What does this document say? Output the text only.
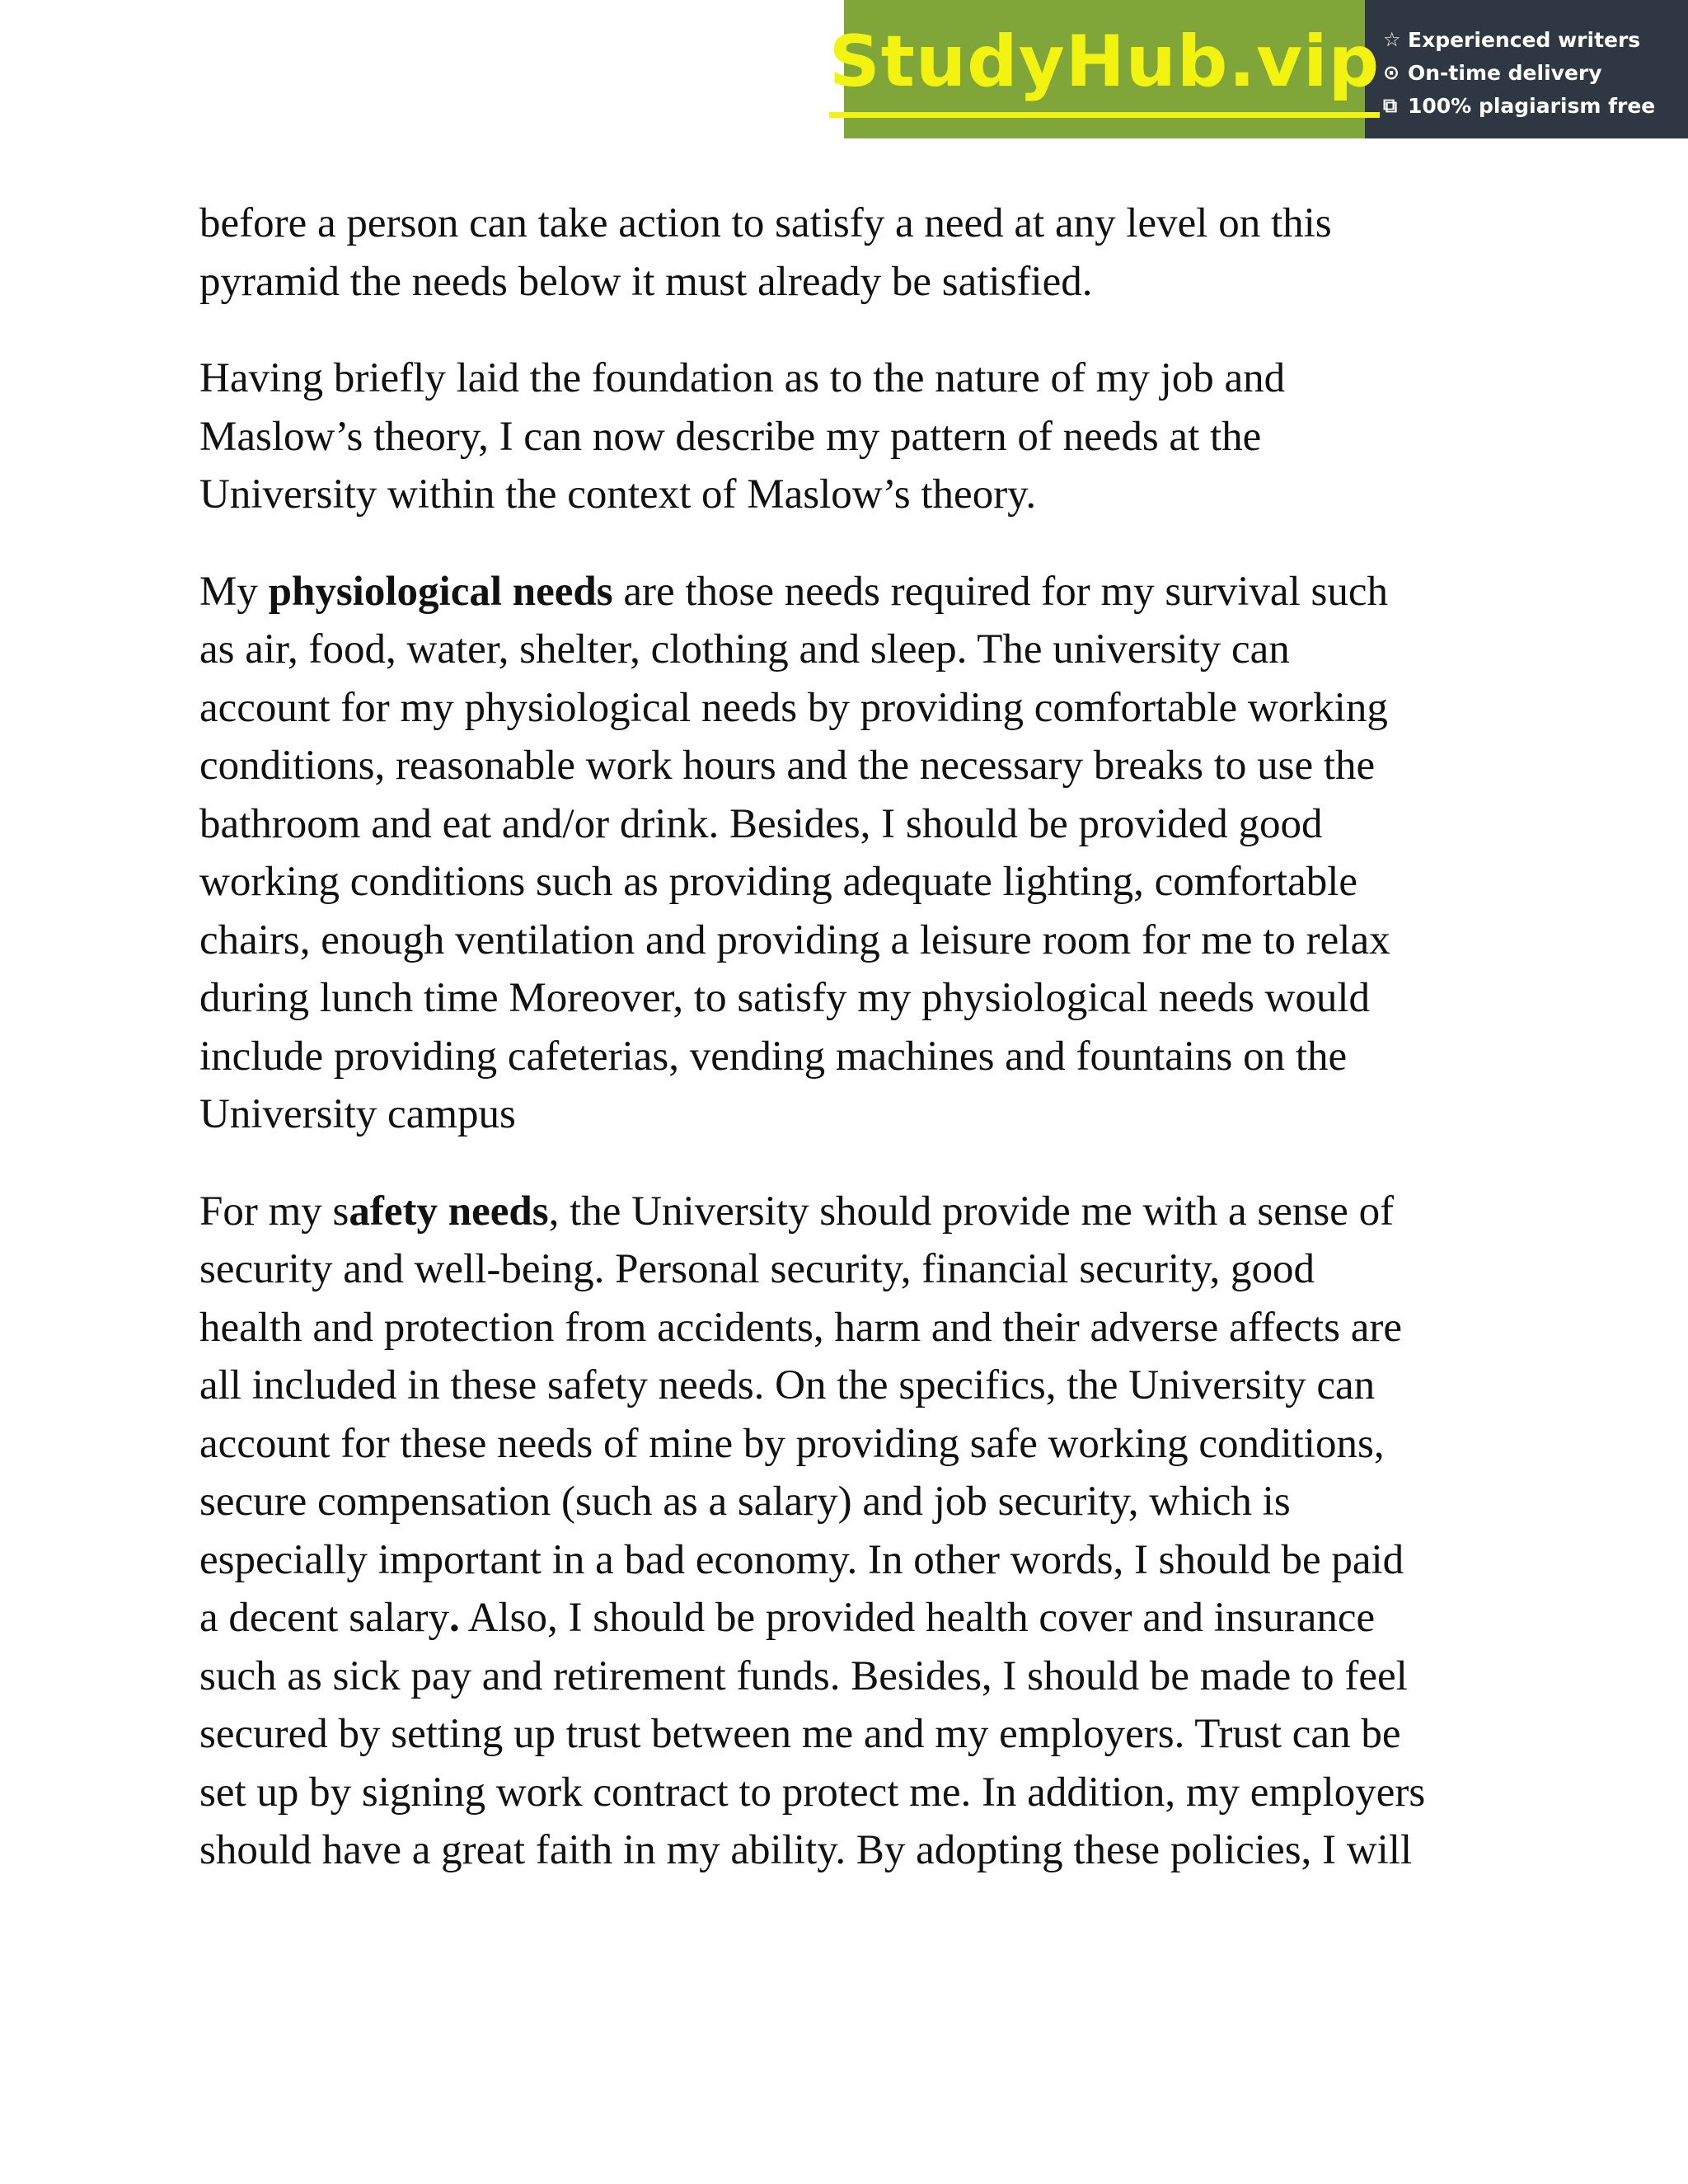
StudyHub.vip ☆ Experienced writers
⊙ On-time delivery
⧉ 100% plagiarism free

before a person can take action to satisfy a need at any level on this
pyramid the needs below it must already be satisfied.

Having briefly laid the foundation as to the nature of my job and
Maslow’s theory, I can now describe my pattern of needs at the
University within the context of Maslow’s theory.

My physiological needs are those needs required for my survival such
as air, food, water, shelter, clothing and sleep. The university can
account for my physiological needs by providing comfortable working
conditions, reasonable work hours and the necessary breaks to use the
bathroom and eat and/or drink. Besides, I should be provided good
working conditions such as providing adequate lighting, comfortable
chairs, enough ventilation and providing a leisure room for me to relax
during lunch time Moreover, to satisfy my physiological needs would
include providing cafeterias, vending machines and fountains on the
University campus

For my safety needs, the University should provide me with a sense of
security and well-being. Personal security, financial security, good
health and protection from accidents, harm and their adverse affects are
all included in these safety needs. On the specifics, the University can
account for these needs of mine by providing safe working conditions,
secure compensation (such as a salary) and job security, which is
especially important in a bad economy. In other words, I should be paid
a decent salary. Also, I should be provided health cover and insurance
such as sick pay and retirement funds. Besides, I should be made to feel
secured by setting up trust between me and my employers. Trust can be
set up by signing work contract to protect me. In addition, my employers
should have a great faith in my ability. By adopting these policies, I will
